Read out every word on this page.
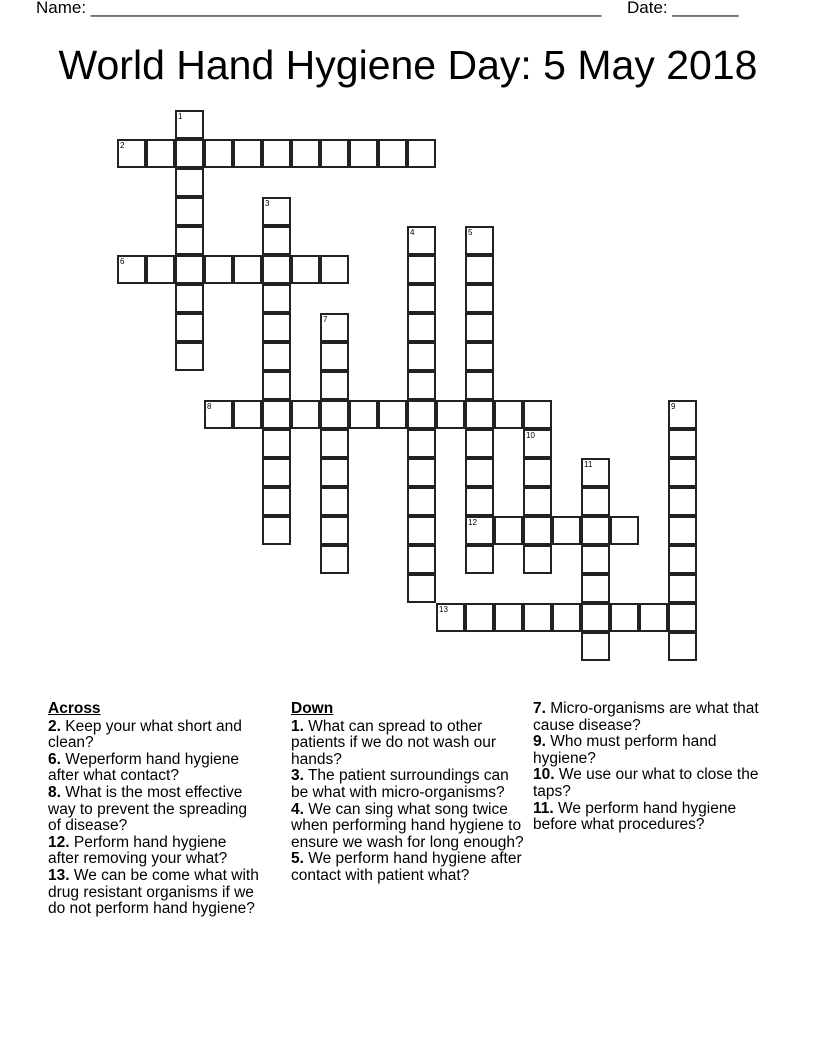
Name: ______________________________________________________ Date: _______
World Hand Hygiene Day: 5 May 2018
1
2
3
4	5
12
6
7
8	9
10
11
13
Across
2. Keep your what short and clean?
6. Weperform hand hygiene after what contact?
8. What is the most effective way to prevent the spreading of disease?
12. Perform hand hygiene after removing your what?
13. We can be come what with drug resistant organisms if we do not perform hand hygiene?
Down
1. What can spread to other patients if we do not wash our hands?
3. The patient surroundings can be what with micro-organisms?
4. We can sing what song twice when performing hand hygiene to ensure we wash for long enough?
5. We perform hand hygiene after contact with patient what?
7. Micro-organisms are what that cause disease?
9. Who must perform hand hygiene?
10. We use our what to close the taps?
11. We perform hand hygiene before what procedures?
